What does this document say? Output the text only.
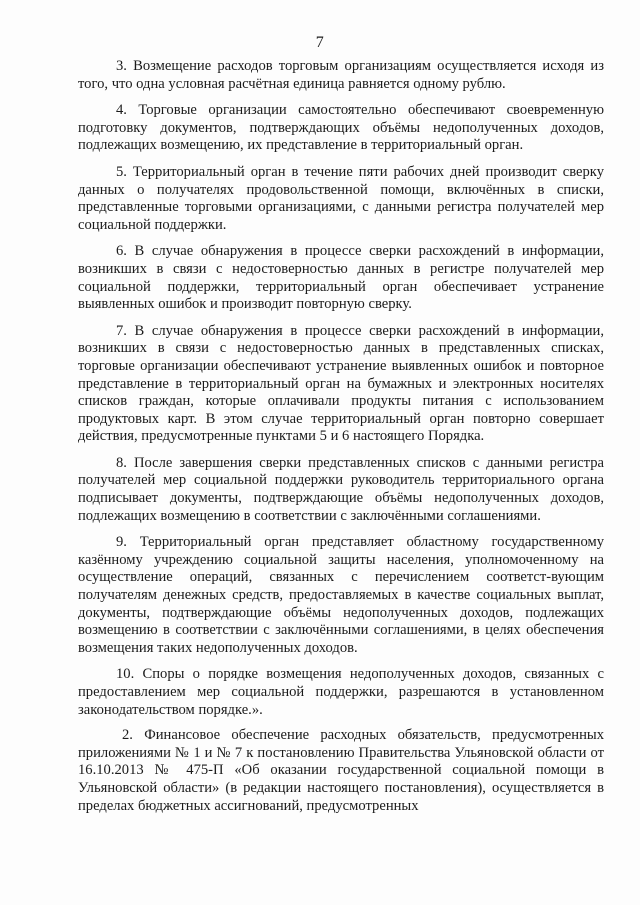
7

3. Возмещение расходов торговым организациям осуществляется исходя из того, что одна условная расчётная единица равняется одному рублю.

4. Торговые организации самостоятельно обеспечивают своевременную подготовку документов, подтверждающих объёмы недополученных доходов, подлежащих возмещению, их представление в территориальный орган.

5. Территориальный орган в течение пяти рабочих дней производит сверку данных о получателях продовольственной помощи, включённых в списки, представленные торговыми организациями, с данными регистра получателей мер социальной поддержки.

6. В случае обнаружения в процессе сверки расхождений в информации, возникших в связи с недостоверностью данных в регистре получателей мер социальной поддержки, территориальный орган обеспечивает устранение выявленных ошибок и производит повторную сверку.

7. В случае обнаружения в процессе сверки расхождений в информации, возникших в связи с недостоверностью данных в представленных списках, торговые организации обеспечивают устранение выявленных ошибок и повторное представление в территориальный орган на бумажных и электронных носителях списков граждан, которые оплачивали продукты питания с использованием продуктовых карт. В этом случае территориальный орган повторно совершает действия, предусмотренные пунктами 5 и 6 настоящего Порядка.

8. После завершения сверки представленных списков с данными регистра получателей мер социальной поддержки руководитель территориального органа подписывает документы, подтверждающие объёмы недополученных доходов, подлежащих возмещению в соответствии с заключёнными соглашениями.

9. Территориальный орган представляет областному государственному казённому учреждению социальной защиты населения, уполномоченному на осуществление операций, связанных с перечислением соответст-вующим получателям денежных средств, предоставляемых в качестве социальных выплат, документы, подтверждающие объёмы недополученных доходов, подлежащих возмещению в соответствии с заключёнными соглашениями, в целях обеспечения возмещения таких недополученных доходов.

10. Споры о порядке возмещения недополученных доходов, связанных с предоставлением мер социальной поддержки, разрешаются в установленном законодательством порядке.».

2. Финансовое обеспечение расходных обязательств, предусмотренных приложениями № 1 и № 7 к постановлению Правительства Ульяновской области от 16.10.2013 № 475-П «Об оказании государственной социальной помощи в Ульяновской области» (в редакции настоящего постановления), осуществляется в пределах бюджетных ассигнований, предусмотренных
